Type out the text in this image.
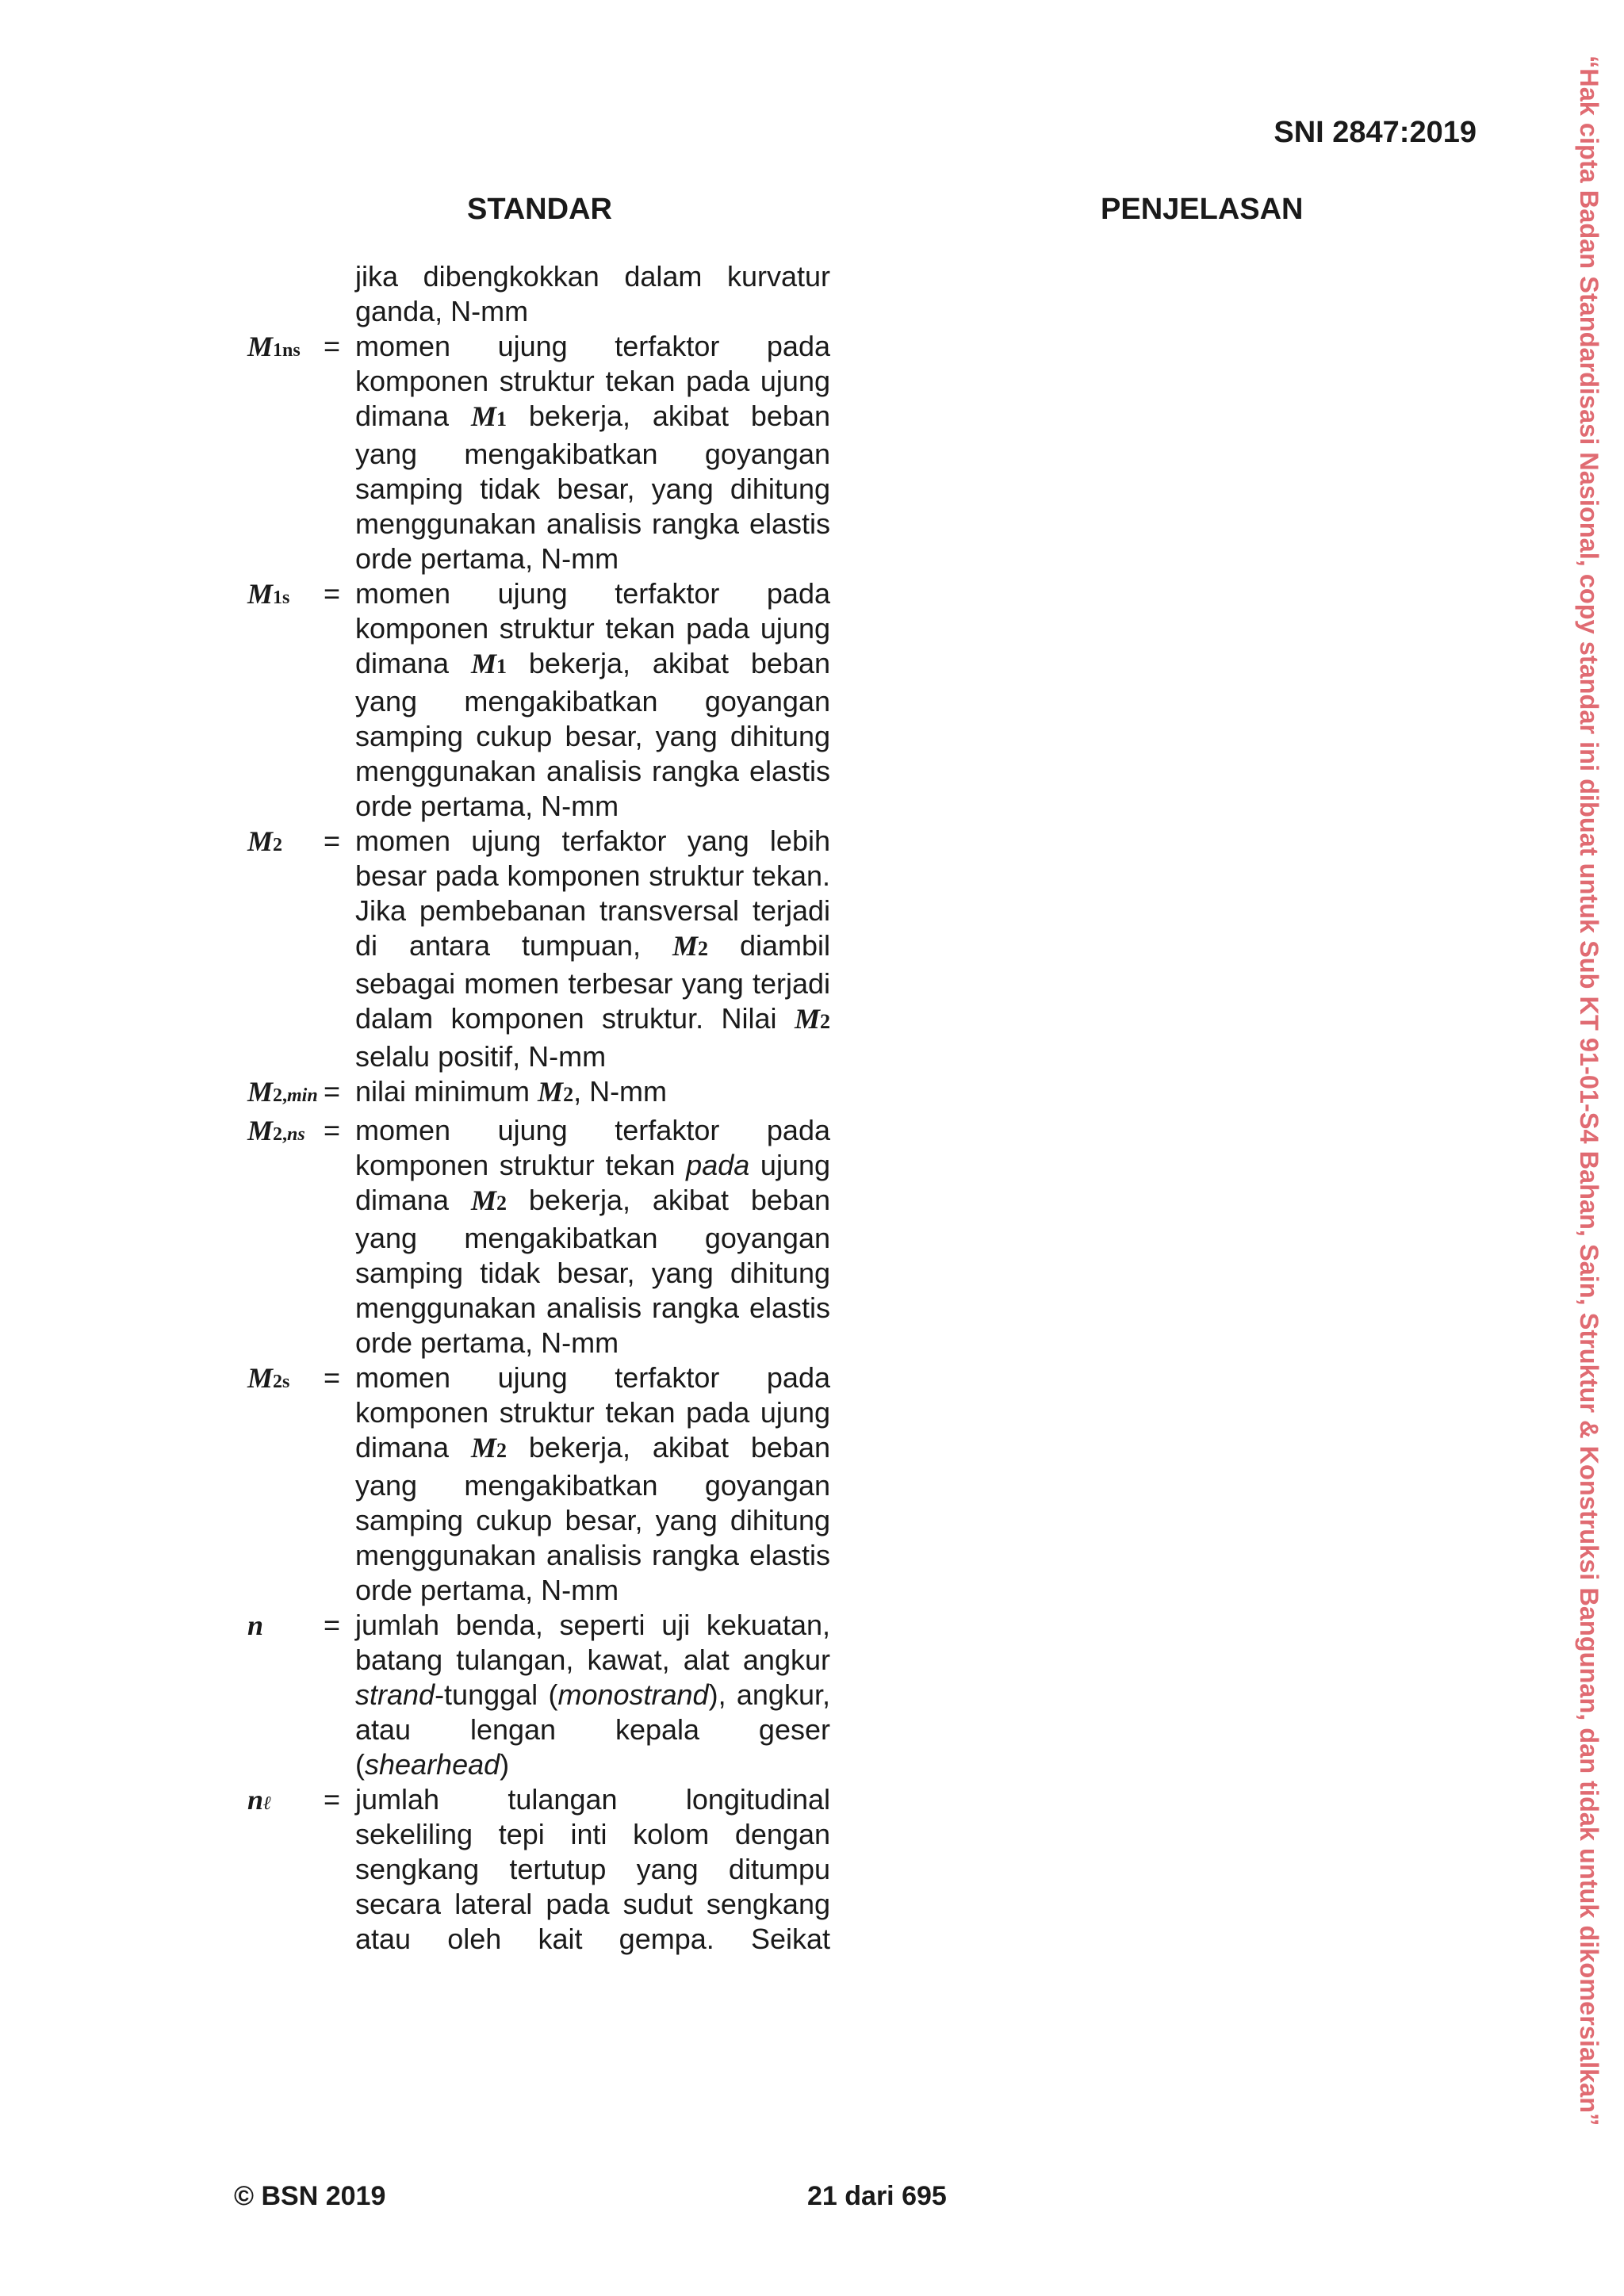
SNI 2847:2019
STANDAR	PENJELASAN
jika dibengkokkan dalam kurvatur ganda, N-mm
M1ns = momen ujung terfaktor pada komponen struktur tekan pada ujung dimana M1 bekerja, akibat beban yang mengakibatkan goyangan samping tidak besar, yang dihitung menggunakan analisis rangka elastis orde pertama, N-mm
M1s	= momen ujung terfaktor pada komponen struktur tekan pada ujung dimana M1 bekerja, akibat beban yang mengakibatkan goyangan samping cukup besar, yang dihitung menggunakan analisis rangka elastis orde pertama, N-mm
M2	= momen ujung terfaktor yang lebih besar pada komponen struktur tekan. Jika pembebanan transversal terjadi di antara tumpuan, M2 diambil sebagai momen terbesar yang terjadi dalam komponen struktur. Nilai M2 selalu positif, N-mm
M2,min = nilai minimum M2, N-mm
M2,ns = momen ujung terfaktor pada komponen struktur tekan pada ujung dimana M2 bekerja, akibat beban yang mengakibatkan goyangan samping tidak besar, yang dihitung menggunakan analisis rangka elastis orde pertama, N-mm
M2s	= momen ujung terfaktor pada komponen struktur tekan pada ujung dimana M2 bekerja, akibat beban yang mengakibatkan goyangan samping cukup besar, yang dihitung menggunakan analisis rangka elastis orde pertama, N-mm
n	= jumlah benda, seperti uji kekuatan, batang tulangan, kawat, alat angkur strand-tunggal (monostrand), angkur, atau lengan kepala geser (shearhead)
nℓ	= jumlah tulangan longitudinal sekeliling tepi inti kolom dengan sengkang tertutup yang ditumpu secara lateral pada sudut sengkang atau oleh kait gempa. Seikat
© BSN 2019	21 dari 695
“Hak cipta Badan Standardisasi Nasional, copy standar ini dibuat untuk Sub KT 91-01-S4 Bahan, Sain, Struktur & Konstruksi Bangunan, dan tidak untuk dikomersialkan”
